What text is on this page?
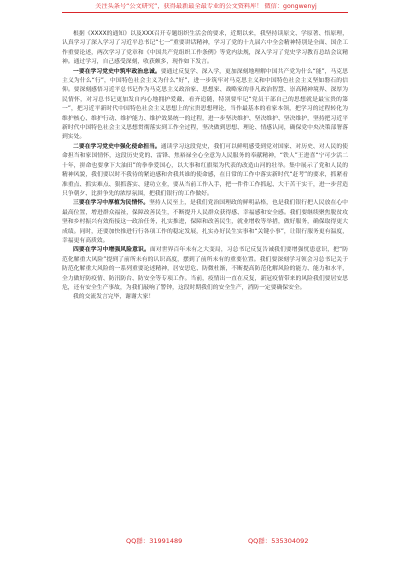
关注头条号“公文研究”，获得最新最全最专业的公文资料库！ 微信：gongwenyj

根据《XXXX的通知》以及XXX召开专题组织生活会的要求，近期以来，我坚持读原文、学原著、悟原理，认真学习了深入学习了习近平总书记“七一”重要讲话精神，学习了党的十九届六中全会精神特别是全面、国企工作重要论述，两次学习了党章和《中国共产党组织工作条例》等党内法规，深入学习了党史学习教育总结会议精神。通过学习，自己感受深刻，收获颇多，现作如下发言。

一要在学习党史中筑牢政治忠诚。要通过反复学、深入学，更加深刻地理解中国共产党为什么“能”，马克思主义为什么“行”，中国特色社会主义为什么“好”，进一步筑牢对马克思主义和中国特色社会主义坚如磐石的信仰。要深刻感悟习近平总书记作为马克思主义政治家、思想家、战略家的非凡政治智慧、崇高精神境界、深厚为民情怀，对习总书记更加发自内心地拥护爱戴、看齐追随，特别要牢记“党员干部自己的思想就是最宝贵的第一”，把习近平新时代中国特色社会主义思想上的宝贵思想理论，当作最基本的看家本领，把学习的过程转化为维护核心、维护行动、维护能力、维护效果统一的过程，进一步坚决维护、坚决维护、坚决维护，坚持把习近平新时代中国特色社会主义思想贯彻落实到工作全过程，坚决做到思想、理论、情感认同，确保党中央决策部署落到实处。

二要在学习党史中强化使命担当。通读学习这段党史，我们可以鲜明感受到党对国家、对历史、对人民的使命担当和家国情怀，这段历史党的、雷锋、焦裕禄全心全意为人民服务的奉献精神，“铁人”王进喜“宁可少活二十年，拼命也要拿下大油田”的拳拳爱国心，以大事和红旗渠为代表的改造山河的壮举。集中展示了党和人民的精神风貌，我们要以时不我待的紧迫感和舍我其谁的使命感，在日常的工作中落实新时代“赶考”的要求，抓紧看准重点、抓实难点、狠抓落实、建功立业，要从当前工作入手，把一件件工作抓起、大干苦干实干，进一步营造只争朝夕、比拼争先的浓厚氛围，把我们银行的工作做好。

三要在学习中厚植为民情怀。坚持人民至上，是我们党治国理政的鲜明品格，也是我们银行把人民放在心中最高位置，增进群众福祉，保障改善民生，不断提升人民群众获得感、幸福感和安全感。我们要继续聚焦脱贫攻坚和乡村振兴有效衔接这一政治任务，扎实推进，保障和改善民生，就业增收等举措，做好服务，确保取得更大成绩。同时，还要加快推进行行各项工作的稳定发展，扎实办好民生实事和“关键小事”，让银行服务更有温度，幸福更有高质效。

四要在学习中增强风险意识。面对世界百年未有之大变局，习总书记反复告诫我们要增强忧患意识，把“防范化解重大风险”提到了前所未有的认识高度，摆到了前所未有的重要位置。我们要深刻学习领会习总书记关于防范化解重大风险的一系列重要论述精神，居安思危、防微杜渐，不断提高防范化解风险的能力、能力和水平，全力做好防疫情、防汛防台、防安全等专项工作。当前，疫情出一直在反复，新冠疫情带来的风险我们要居安思危，还有安全生产事故，为我们敲响了警钟，这段时期我们的安全生产，消防一定要确保安全。

我的交流发言完毕，谢谢大家！

QQ群：31991489	QQ群：535304092
